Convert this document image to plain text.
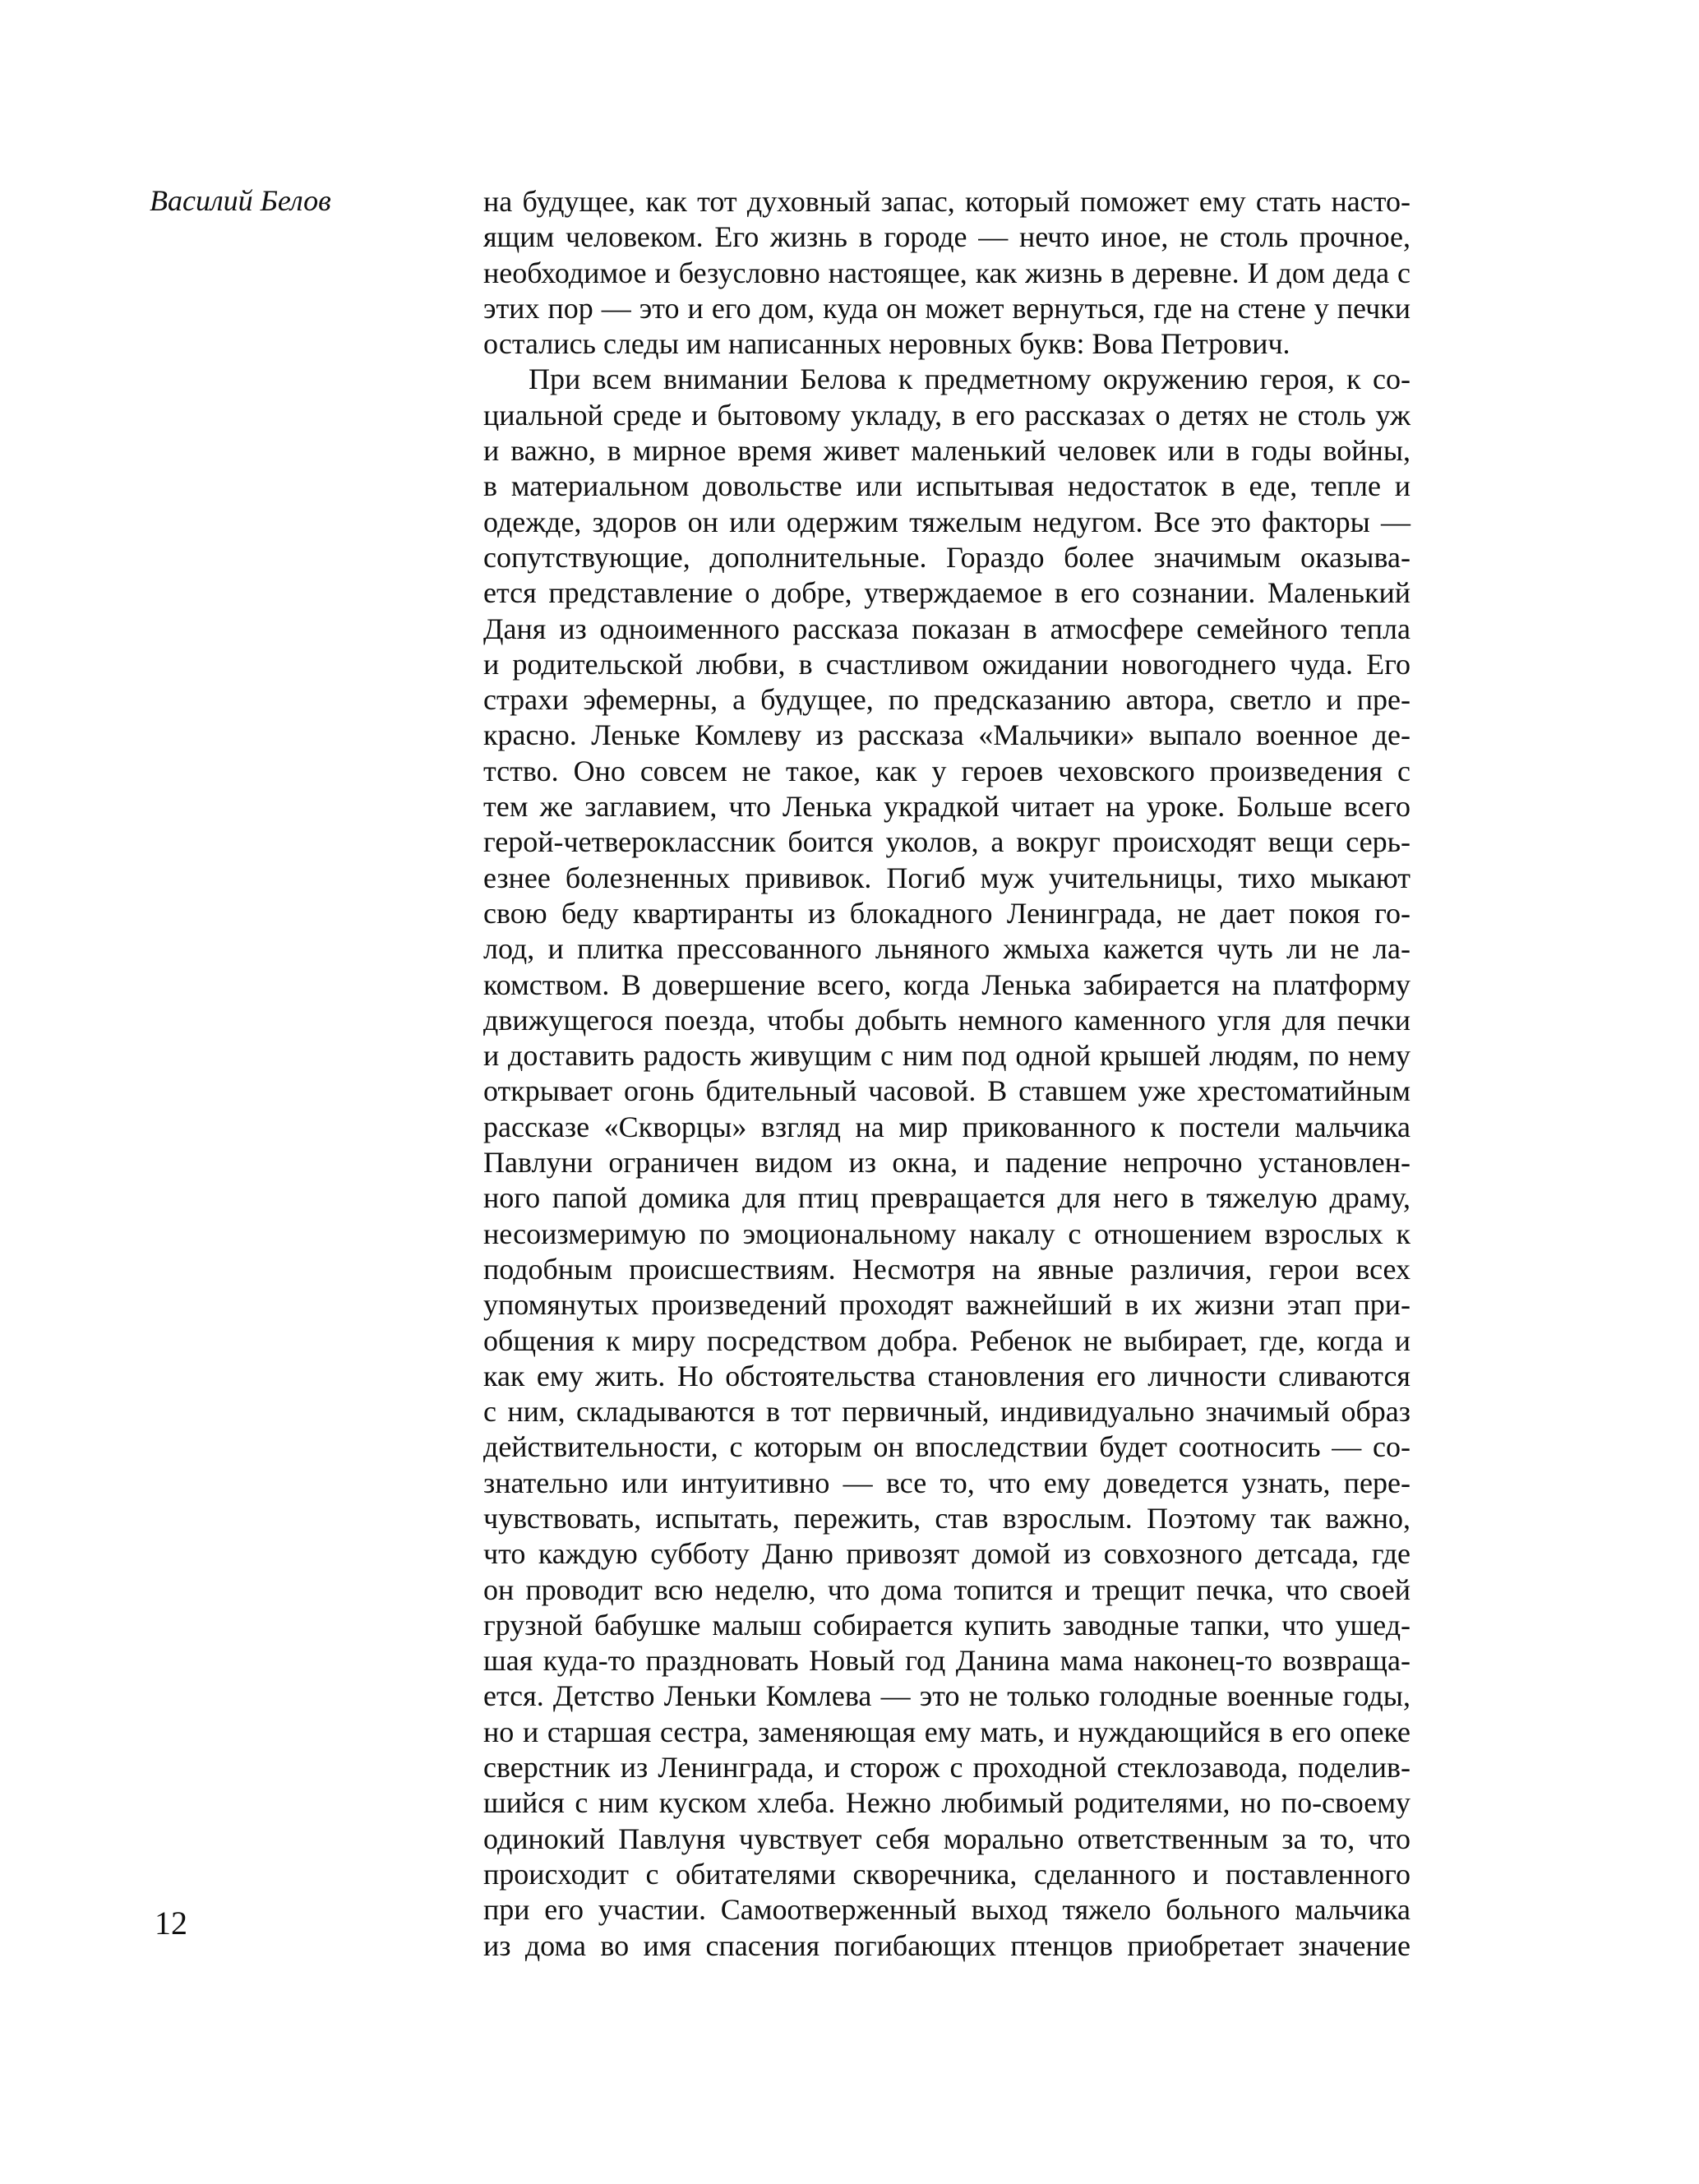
Василий Белов	на будущее, как тот духовный запас, который поможет ему стать насто-
ящим человеком. Его жизнь в городе — нечто иное, не столь прочное,
необходимое и безусловно настоящее, как жизнь в деревне. И дом деда с
этих пор — это и его дом, куда он может вернуться, где на стене у печки
остались следы им написанных неровных букв: Вова Петрович.
При всем внимании Белова к предметному окружению героя, к со-
циальной среде и бытовому укладу, в его рассказах о детях не столь уж
и важно, в мирное время живет маленький человек или в годы войны,
в материальном довольстве или испытывая недостаток в еде, тепле и
одежде, здоров он или одержим тяжелым недугом. Все это факторы —
сопутствующие, дополнительные. Гораздо более значимым оказыва-
ется представление о добре, утверждаемое в его сознании. Маленький
Даня из одноименного рассказа показан в атмосфере семейного тепла
и родительской любви, в счастливом ожидании новогоднего чуда. Его
страхи эфемерны, а будущее, по предсказанию автора, светло и пре-
красно. Леньке Комлеву из рассказа «Мальчики» выпало военное де-
тство. Оно совсем не такое, как у героев чеховского произведения с
тем же заглавием, что Ленька украдкой читает на уроке. Больше всего
герой-четвероклассник боится уколов, а вокруг происходят вещи серь-
езнее болезненных прививок. Погиб муж учительницы, тихо мыкают
свою беду квартиранты из блокадного Ленинграда, не дает покоя го-
лод, и плитка прессованного льняного жмыха кажется чуть ли не ла-
комством. В довершение всего, когда Ленька забирается на платформу
движущегося поезда, чтобы добыть немного каменного угля для печки
и доставить радость живущим с ним под одной крышей людям, по нему
открывает огонь бдительный часовой. В ставшем уже хрестоматийным
рассказе «Скворцы» взгляд на мир прикованного к постели мальчика
Павлуни ограничен видом из окна, и падение непрочно установлен-
ного папой домика для птиц превращается для него в тяжелую драму,
несоизмеримую по эмоциональному накалу с отношением взрослых к
подобным происшествиям. Несмотря на явные различия, герои всех
упомянутых произведений проходят важнейший в их жизни этап при-
общения к миру посредством добра. Ребенок не выбирает, где, когда и
как ему жить. Но обстоятельства становления его личности сливаются
с ним, складываются в тот первичный, индивидуально значимый образ
действительности, с которым он впоследствии будет соотносить — со-
знательно или интуитивно — все то, что ему доведется узнать, пере-
чувствовать, испытать, пережить, став взрослым. Поэтому так важно,
что каждую субботу Даню привозят домой из совхозного детсада, где
он проводит всю неделю, что дома топится и трещит печка, что своей
грузной бабушке малыш собирается купить заводные тапки, что ушед-
шая куда-то праздновать Новый год Данина мама наконец-то возвраща-
ется. Детство Леньки Комлева — это не только голодные военные годы,
но и старшая сестра, заменяющая ему мать, и нуждающийся в его опеке
сверстник из Ленинграда, и сторож с проходной стеклозавода, поделив-
шийся с ним куском хлеба. Нежно любимый родителями, но по-своему
одинокий Павлуня чувствует себя морально ответственным за то, что
происходит с обитателями скворечника, сделанного и поставленного
при его участии. Самоотверженный выход тяжело больного мальчика
из дома во имя спасения погибающих птенцов приобретает значение
12
